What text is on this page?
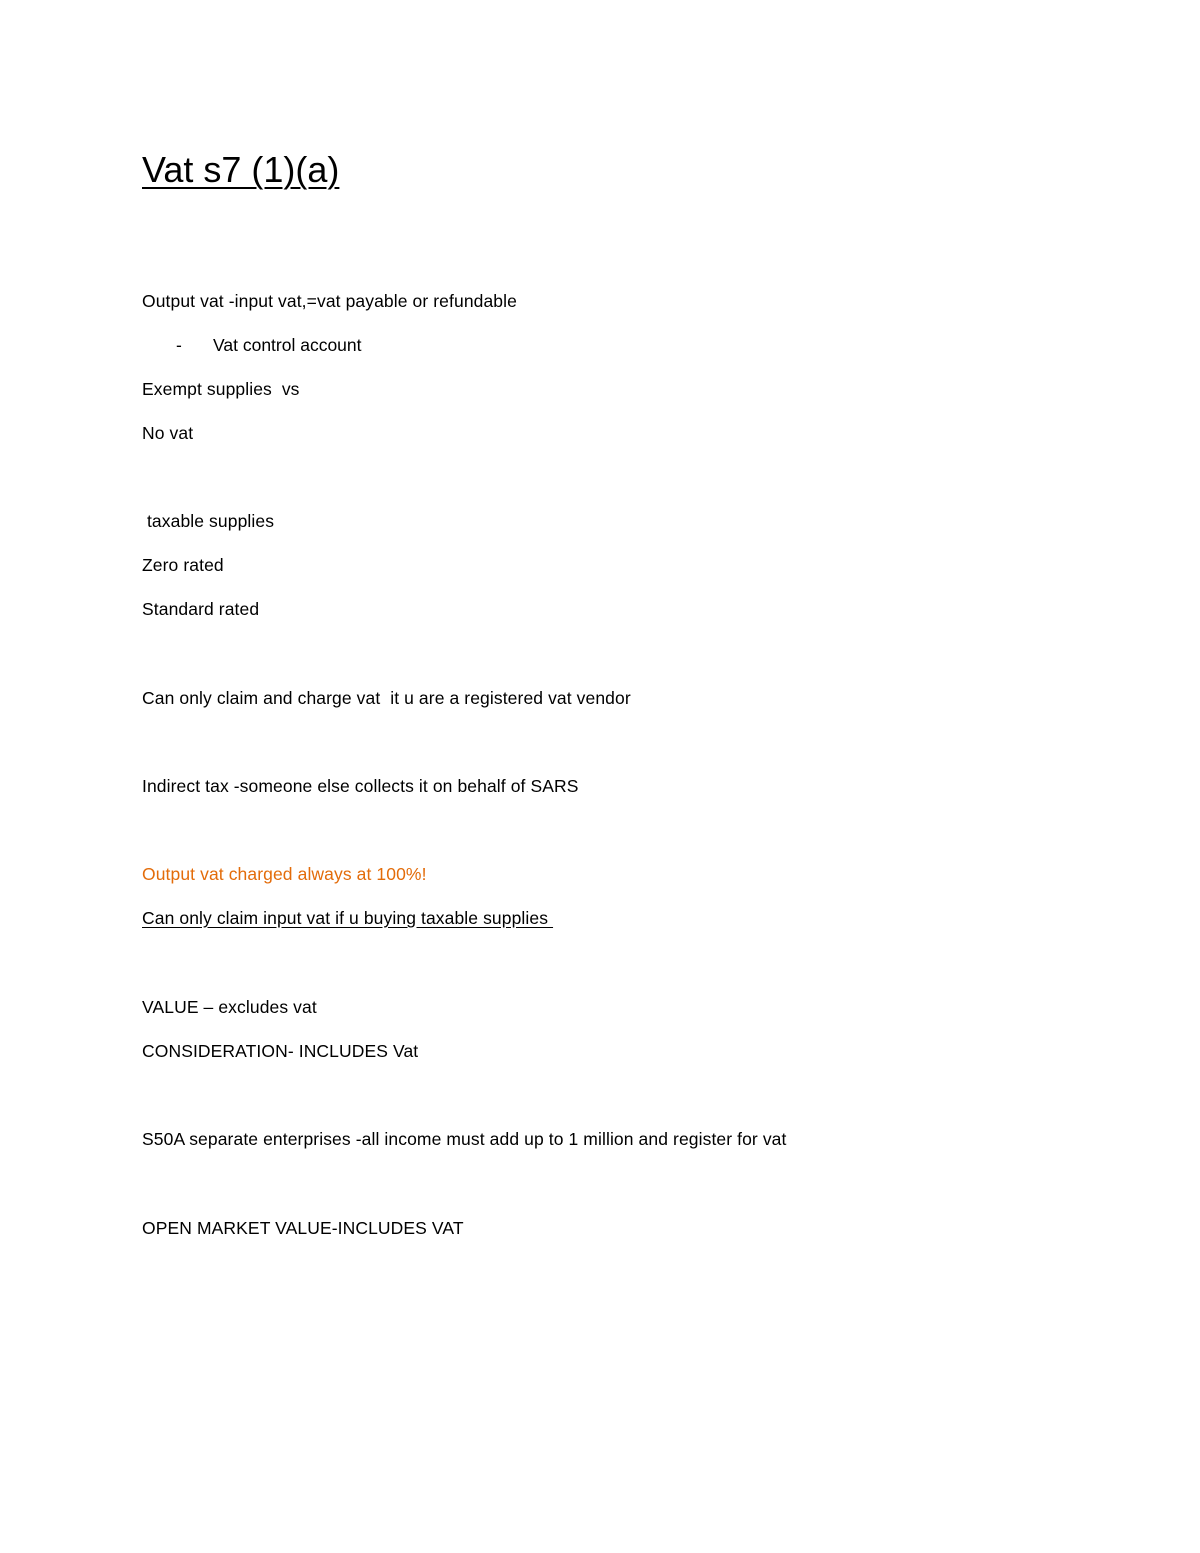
Vat s7 (1)(a)
Output vat -input vat,=vat payable or refundable
- Vat control account
Exempt supplies  vs
No vat
taxable supplies
Zero rated
Standard rated
Can only claim and charge vat  it u are a registered vat vendor
Indirect tax -someone else collects it on behalf of SARS
Output vat charged always at 100%!
Can only claim input vat if u buying taxable supplies
VALUE – excludes vat
CONSIDERATION- INCLUDES Vat
S50A separate enterprises -all income must add up to 1 million and register for vat
OPEN MARKET VALUE-INCLUDES VAT
